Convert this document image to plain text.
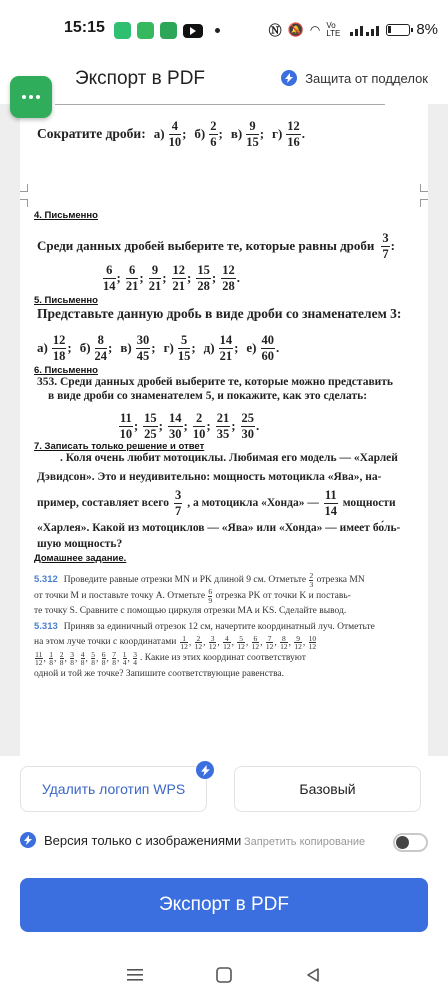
15:15	Ⓝ 🔕 ◠ Vo LTE	8%
Экспорт в PDF	Защита от подделок
Сократите дроби: $а) \frac{4}{10}$ ; $б) \frac{2}{6}$ ; $в) \frac{9}{15}$ ; $г) \frac{12}{16}$ .
4. Письменно
Среди данных дробей выберите те, которые равны дроби $\frac{3}{7}$ :
$\frac{6}{14}$ ; $\frac{6}{21}$ ; $\frac{9}{21}$ ; $\frac{12}{21}$ ; $\frac{15}{28}$ ; $\frac{12}{28}$ .
5. Письменно
Представьте данную дробь в виде дроби со знаменателем 3:
$а) \frac{12}{18}$ ; $б) \frac{8}{24}$ ; $в) \frac{30}{45}$ ; $г) \frac{5}{15}$ ; $д) \frac{14}{21}$ ; $е) \frac{40}{60}$ .
6. Письменно
353. Среди данных дробей выберите те, которые можно представить
в виде дроби со знаменателем 5, и покажите, как это сделать:
$\frac{11}{10}$ ; $\frac{15}{25}$ ; $\frac{14}{30}$ ; $\frac{2}{10}$ ; $\frac{21}{35}$ ; $\frac{25}{30}$ .
7. Записать только решение и ответ
. Коля очень любит мотоциклы. Любимая его модель — «Харлей
Дэвидсон». Это и неудивительно: мощность мотоцикла «Ява», на-
пример, составляет всего $\frac{3}{7}$ , а мотоцикла «Хонда» — $\frac{11}{14}$ мощности
«Харлея». Какой из мотоциклов — «Ява» или «Хонда» — имеет бо́ль-
шую мощность?
Домашнее задание.
5.312 Проведите равные отрезки MN и PK длиной 9 см. Отметьте $\frac{2}{3}$ отрезка MN
от точки M и поставьте точку A. Отметьте $\frac{6}{9}$ отрезка PK от точки K и поставь-
те точку S. Сравните с помощью циркуля отрезки MA и KS. Сделайте вывод.
5.313 Приняв за единичный отрезок 12 см, начертите координатный луч. Отметьте
на этом луче точки с координатами $\frac{1}{12}$ , $\frac{2}{12}$ , $\frac{3}{12}$ , $\frac{4}{12}$ , $\frac{5}{12}$ , $\frac{6}{12}$ , $\frac{7}{12}$ , $\frac{8}{12}$ , $\frac{9}{12}$ , $\frac{10}{12}$
$\frac{11}{12}$ , $\frac{1}{8}$ , $\frac{2}{8}$ , $\frac{3}{8}$ , $\frac{4}{8}$ , $\frac{5}{8}$ , $\frac{6}{8}$ , $\frac{7}{8}$ , $\frac{1}{4}$ , $\frac{3}{4}$ . Какие из этих координат соответствуют
одной и той же точке? Запишите соответствующие равенства.
Удалить логотип WPS	Базовый
Версия только с изображениями Запретить копирование
Экспорт в PDF
